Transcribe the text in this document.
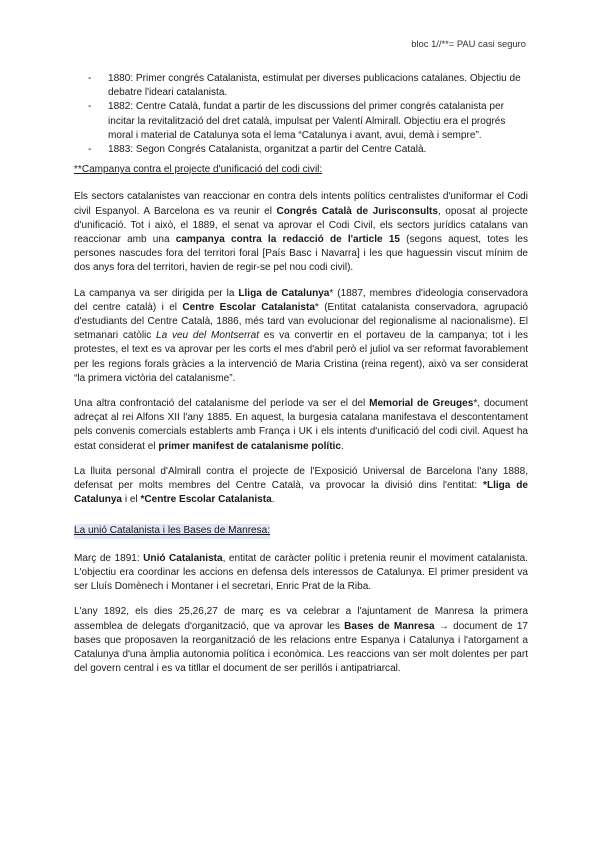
bloc 1//**= PAU casi seguro
- 1880: Primer congrés Catalanista, estimulat per diverses publicacions catalanes. Objectiu de debatre l'ideari catalanista.
- 1882: Centre Català, fundat a partir de les discussions del primer congrés catalanista per incitar la revitalització del dret català, impulsat per Valentí Almirall. Objectiu era el progrés moral i material de Catalunya sota el lema “Catalunya i avant, avui, demà i sempre”.
- 1883: Segon Congrés Catalanista, organitzat a partir del Centre Català.
**Campanya contra el projecte d'unificació del codi civil:

Els sectors catalanistes van reaccionar en contra dels intents polítics centralistes d'uniformar el Codi civil Espanyol. A Barcelona es va reunir el Congrés Català de Jurisconsults, oposat al projecte d'unificació. Tot i això, el 1889, el senat va aprovar el Codi Civil, els sectors jurídics catalans van reaccionar amb una campanya contra la redacció de l'article 15 (segons aquest, totes les persones nascudes fora del territori foral [País Basc i Navarra] i les que haguessin viscut mínim de dos anys fora del territori, havien de regir-se pel nou codi civil).

La campanya va ser dirigida per la Lliga de Catalunya* (1887, membres d'ideologia conservadora del centre català) i el Centre Escolar Catalanista* (Entitat catalanista conservadora, agrupació d'estudiants del Centre Català, 1886, més tard van evolucionar del regionalisme al nacionalisme). El setmanari catòlic La veu del Montserrat es va convertir en el portaveu de la campanya; tot i les protestes, el text es va aprovar per les corts el mes d'abril però el juliol va ser reformat favorablement per les regions forals gràcies a la intervenció de Maria Cristina (reina regent), això va ser considerat “la primera victòria del catalanisme”.

Una altra confrontació del catalanisme del període va ser el del Memorial de Greuges*, document adreçat al rei Alfons XII l'any 1885. En aquest, la burgesia catalana manifestava el descontentament pels convenis comercials establerts amb França i UK i els intents d'unificació del codi civil. Aquest ha estat considerat el primer manifest de catalanisme polític.

La lluita personal d'Almirall contra el projecte de l'Exposició Universal de Barcelona l'any 1888, defensat per molts membres del Centre Català, va provocar la divisió dins l'entitat: *Lliga de Catalunya i el *Centre Escolar Catalanista.

La unió Catalanista i les Bases de Manresa:

Març de 1891: Unió Catalanista, entitat de caràcter polític i pretenia reunir el moviment catalanista. L'objectiu era coordinar les accions en defensa dels interessos de Catalunya. El primer president va ser Lluís Domènech i Montaner i el secretari, Enric Prat de la Riba.

L'any 1892, els dies 25,26,27 de març es va celebrar a l'ajuntament de Manresa la primera assemblea de delegats d'organització, que va aprovar les Bases de Manresa → document de 17 bases que proposaven la reorganització de les relacions entre Espanya i Catalunya i l'atorgament a Catalunya d'una àmplia autonomia política i econòmica. Les reaccions van ser molt dolentes per part del govern central i es va titllar el document de ser perillós i antipatriarcal.
